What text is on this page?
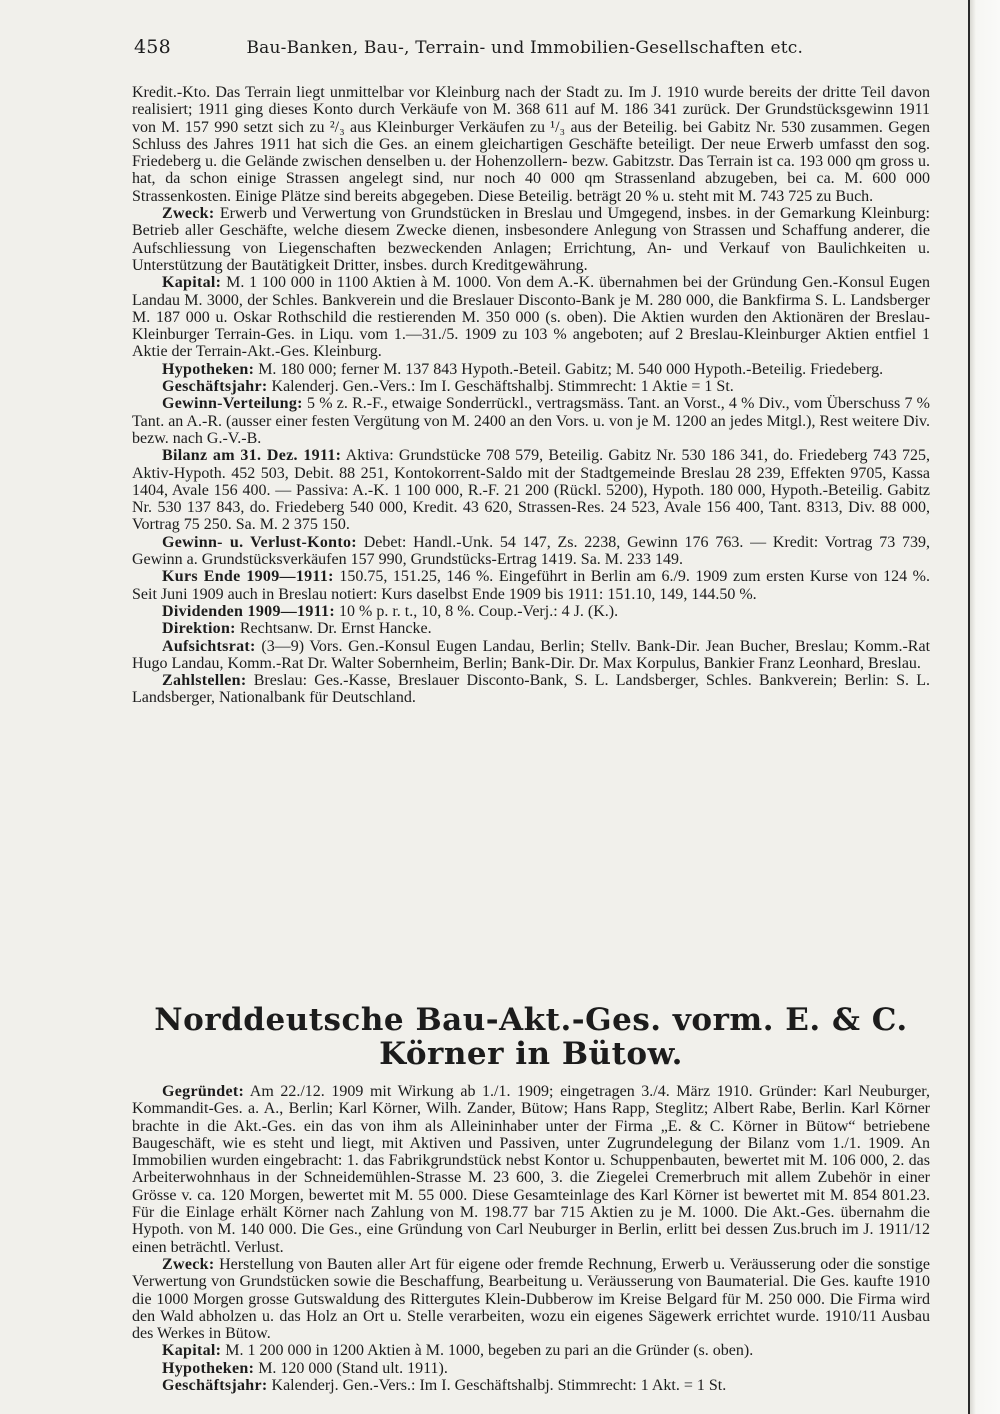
458	Bau-Banken, Bau-, Terrain- und Immobilien-Gesellschaften etc.

Kredit.-Kto. Das Terrain liegt unmittelbar vor Kleinburg nach der Stadt zu. Im J. 1910 wurde bereits der dritte Teil davon realisiert; 1911 ging dieses Konto durch Verkäufe von M. 368 611 auf M. 186 341 zurück. Der Grundstücksgewinn 1911 von M. 157 990 setzt sich zu ²/₃ aus Kleinburger Verkäufen zu ¹/₃ aus der Beteilig. bei Gabitz Nr. 530 zusammen. Gegen Schluss des Jahres 1911 hat sich die Ges. an einem gleichartigen Geschäfte beteiligt. Der neue Erwerb umfasst den sog. Friedeberg u. die Gelände zwischen denselben u. der Hohenzollern- bezw. Gabitzstr. Das Terrain ist ca. 193 000 qm gross u. hat, da schon einige Strassen angelegt sind, nur noch 40 000 qm Strassenland abzugeben, bei ca. M. 600 000 Strassenkosten. Einige Plätze sind bereits abgegeben. Diese Beteilig. beträgt 20 % u. steht mit M. 743 725 zu Buch.

Zweck: Erwerb und Verwertung von Grundstücken in Breslau und Umgegend, insbes. in der Gemarkung Kleinburg: Betrieb aller Geschäfte, welche diesem Zwecke dienen, insbesondere Anlegung von Strassen und Schaffung anderer, die Aufschliessung von Liegenschaften bezweckenden Anlagen; Errichtung, An- und Verkauf von Baulichkeiten u. Unterstützung der Bautätigkeit Dritter, insbes. durch Kreditgewährung.

Kapital: M. 1 100 000 in 1100 Aktien à M. 1000. Von dem A.-K. übernahmen bei der Gründung Gen.-Konsul Eugen Landau M. 3000, der Schles. Bankverein und die Breslauer Disconto-Bank je M. 280 000, die Bankfirma S. L. Landsberger M. 187 000 u. Oskar Rothschild die restierenden M. 350 000 (s. oben). Die Aktien wurden den Aktionären der Breslau-Kleinburger Terrain-Ges. in Liqu. vom 1.—31./5. 1909 zu 103 % angeboten; auf 2 Breslau-Kleinburger Aktien entfiel 1 Aktie der Terrain-Akt.-Ges. Kleinburg.

Hypotheken: M. 180 000; ferner M. 137 843 Hypoth.-Beteil. Gabitz; M. 540 000 Hypoth.-Beteilig. Friedeberg.

Geschäftsjahr: Kalenderj. Gen.-Vers.: Im I. Geschäftshalbj. Stimmrecht: 1 Aktie = 1 St.

Gewinn-Verteilung: 5 % z. R.-F., etwaige Sonderrückl., vertragsmäss. Tant. an Vorst., 4 % Div., vom Überschuss 7 % Tant. an A.-R. (ausser einer festen Vergütung von M. 2400 an den Vors. u. von je M. 1200 an jedes Mitgl.), Rest weitere Div. bezw. nach G.-V.-B.

Bilanz am 31. Dez. 1911: Aktiva: Grundstücke 708 579, Beteilig. Gabitz Nr. 530 186 341, do. Friedeberg 743 725, Aktiv-Hypoth. 452 503, Debit. 88 251, Kontokorrent-Saldo mit der Stadtgemeinde Breslau 28 239, Effekten 9705, Kassa 1404, Avale 156 400. — Passiva: A.-K. 1 100 000, R.-F. 21 200 (Rückl. 5200), Hypoth. 180 000, Hypoth.-Beteilig. Gabitz Nr. 530 137 843, do. Friedeberg 540 000, Kredit. 43 620, Strassen-Res. 24 523, Avale 156 400, Tant. 8313, Div. 88 000, Vortrag 75 250. Sa. M. 2 375 150.

Gewinn- u. Verlust-Konto: Debet: Handl.-Unk. 54 147, Zs. 2238, Gewinn 176 763. — Kredit: Vortrag 73 739, Gewinn a. Grundstücksverkäufen 157 990, Grundstücks-Ertrag 1419. Sa. M. 233 149.

Kurs Ende 1909—1911: 150.75, 151.25, 146 %. Eingeführt in Berlin am 6./9. 1909 zum ersten Kurse von 124 %. Seit Juni 1909 auch in Breslau notiert: Kurs daselbst Ende 1909 bis 1911: 151.10, 149, 144.50 %.

Dividenden 1909—1911: 10 % p. r. t., 10, 8 %. Coup.-Verj.: 4 J. (K.).

Direktion: Rechtsanw. Dr. Ernst Hancke.

Aufsichtsrat: (3—9) Vors. Gen.-Konsul Eugen Landau, Berlin; Stellv. Bank-Dir. Jean Bucher, Breslau; Komm.-Rat Hugo Landau, Komm.-Rat Dr. Walter Sobernheim, Berlin; Bank-Dir. Dr. Max Korpulus, Bankier Franz Leonhard, Breslau.

Zahlstellen: Breslau: Ges.-Kasse, Breslauer Disconto-Bank, S. L. Landsberger, Schles. Bankverein; Berlin: S. L. Landsberger, Nationalbank für Deutschland.

Norddeutsche Bau-Akt.-Ges. vorm. E. & C. Körner in Bütow.

Gegründet: Am 22./12. 1909 mit Wirkung ab 1./1. 1909; eingetragen 3./4. März 1910. Gründer: Karl Neuburger, Kommandit-Ges. a. A., Berlin; Karl Körner, Wilh. Zander, Bütow; Hans Rapp, Steglitz; Albert Rabe, Berlin. Karl Körner brachte in die Akt.-Ges. ein das von ihm als Alleininhaber unter der Firma „E. & C. Körner in Bütow“ betriebene Baugeschäft, wie es steht und liegt, mit Aktiven und Passiven, unter Zugrundelegung der Bilanz vom 1./1. 1909. An Immobilien wurden eingebracht: 1. das Fabrikgrundstück nebst Kontor u. Schuppenbauten, bewertet mit M. 106 000, 2. das Arbeiterwohnhaus in der Schneidemühlen-Strasse M. 23 600, 3. die Ziegelei Cremerbruch mit allem Zubehör in einer Grösse v. ca. 120 Morgen, bewertet mit M. 55 000. Diese Gesamteinlage des Karl Körner ist bewertet mit M. 854 801.23. Für die Einlage erhält Körner nach Zahlung von M. 198.77 bar 715 Aktien zu je M. 1000. Die Akt.-Ges. übernahm die Hypoth. von M. 140 000. Die Ges., eine Gründung von Carl Neuburger in Berlin, erlitt bei dessen Zus.bruch im J. 1911/12 einen beträchtl. Verlust.

Zweck: Herstellung von Bauten aller Art für eigene oder fremde Rechnung, Erwerb u. Veräusserung oder die sonstige Verwertung von Grundstücken sowie die Beschaffung, Bearbeitung u. Veräusserung von Baumaterial. Die Ges. kaufte 1910 die 1000 Morgen grosse Gutswaldung des Rittergutes Klein-Dubberow im Kreise Belgard für M. 250 000. Die Firma wird den Wald abholzen u. das Holz an Ort u. Stelle verarbeiten, wozu ein eigenes Sägewerk errichtet wurde. 1910/11 Ausbau des Werkes in Bütow.

Kapital: M. 1 200 000 in 1200 Aktien à M. 1000, begeben zu pari an die Gründer (s. oben).

Hypotheken: M. 120 000 (Stand ult. 1911).

Geschäftsjahr: Kalenderj. Gen.-Vers.: Im I. Geschäftshalbj. Stimmrecht: 1 Akt. = 1 St.
